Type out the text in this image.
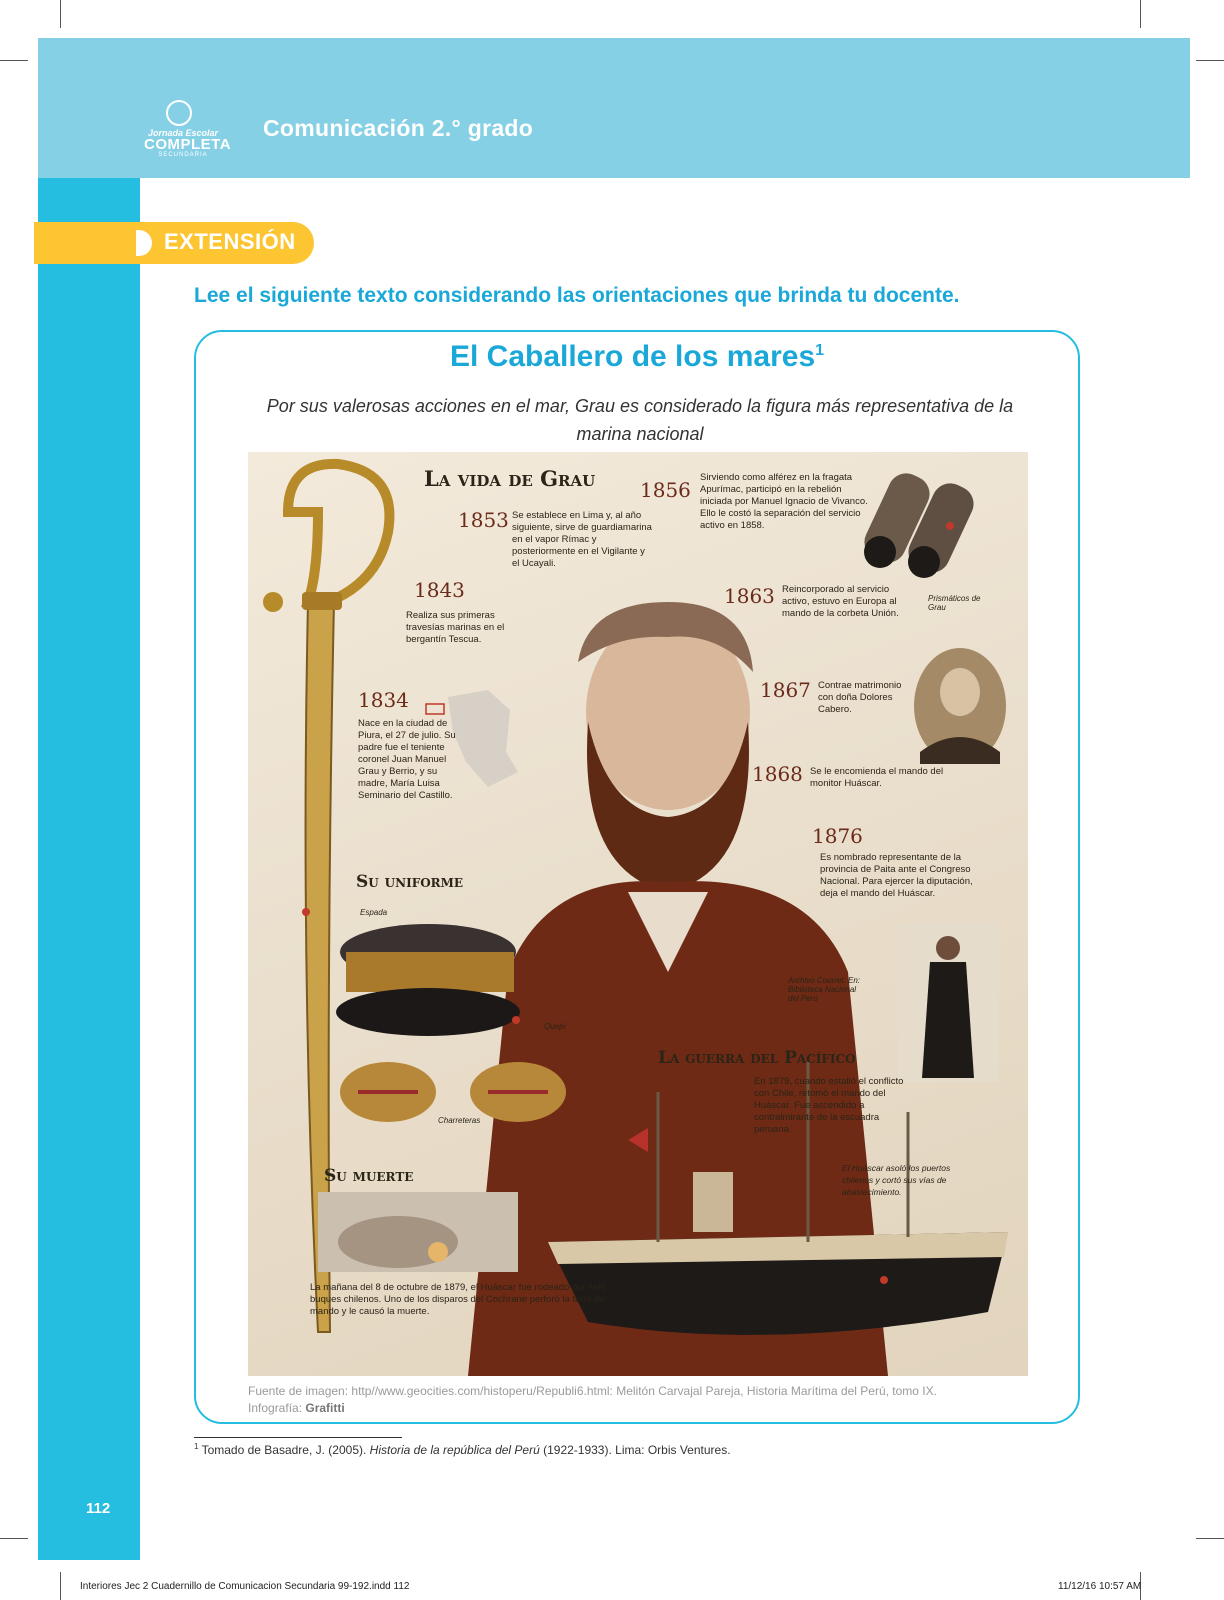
Jornada Escolar
COMPLETA
SECUNDARIA
Comunicación 2.° grado
EXTENSIÓN
Lee el siguiente texto considerando las orientaciones que brinda tu docente.
El Caballero de los mares$^1$
Por sus valerosas acciones en el mar, Grau es considerado la figura más representativa de la marina nacional
La vida de Grau
Su uniforme
La guerra del Pacífico
Su muerte
1834
Nace en la ciudad de Piura, el 27 de julio. Su padre fue el teniente coronel Juan Manuel Grau y Berrio, y su madre, María Luisa Seminario del Castillo.
1843
Realiza sus primeras travesías marinas en el bergantín Tescua.
1853 Se establece en Lima y, al año siguiente, sirve de guardiamarina en el vapor Rímac y posteriormente en el Vigilante y el Ucayali.
1856
Sirviendo como alférez en la fragata Apurímac, participó en la rebelión iniciada por Manuel Ignacio de Vivanco. Ello le costó la separación del servicio activo en 1858.
1863 Reincorporado al servicio activo, estuvo en Europa al mando de la corbeta Unión.
1867 Contrae matrimonio con doña Dolores Cabero.
1868 Se le encomienda el mando del monitor Huáscar.
1876
Es nombrado representante de la provincia de Paita ante el Congreso Nacional. Para ejercer la diputación, deja el mando del Huáscar.
Prismáticos de Grau
Espada
Quepí
Charreteras
Archivo Courret. En: Biblioteca Nacional del Perú
En 1879, cuando estalló el conflicto con Chile, retomó el mando del Huáscar. Fue ascendido a contralmirante de la escuadra peruana.
El Huáscar asoló los puertos chilenos y cortó sus vías de abastecimiento.
La mañana del 8 de octubre de 1879, el Huáscar fue rodeado por seis buques chilenos. Uno de los disparos del Cochrane perforó la torre de mando y le causó la muerte.
Fuente de imagen: http//www.geocities.com/histoperu/Republi6.html: Melitón Carvajal Pareja, Historia Marítima del Perú, tomo IX.
Infografía: Grafitti
$^1$ Tomado de Basadre, J. (2005). Historia de la república del Perú (1922-1933). Lima: Orbis Ventures.
112
Interiores Jec 2 Cuadernillo de Comunicacion Secundaria 99-192.indd 112	11/12/16 10:57 AM
